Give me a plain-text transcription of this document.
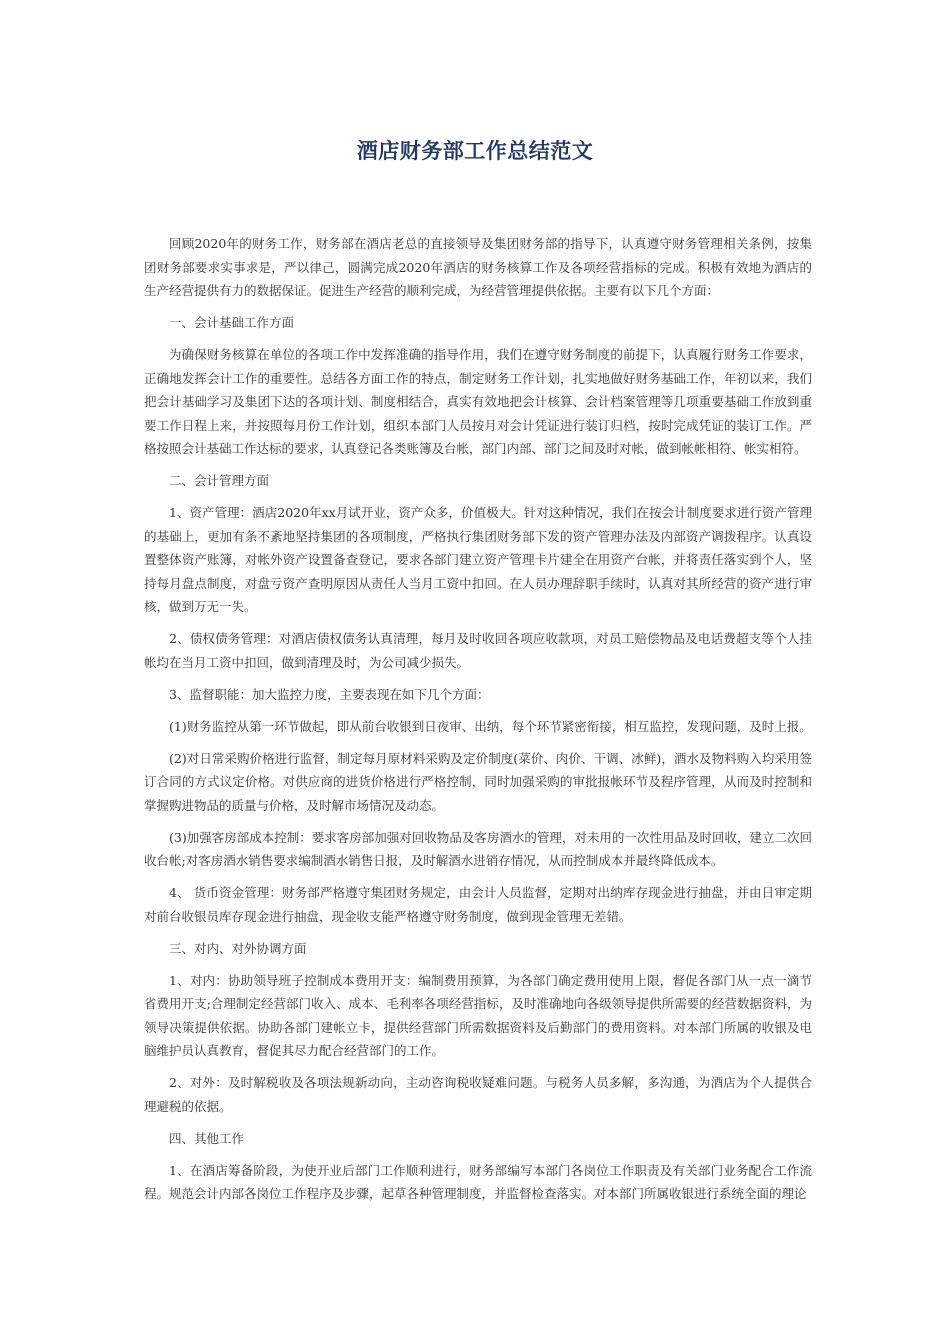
酒店财务部工作总结范文

回顾2020年的财务工作，财务部在酒店老总的直接领导及集团财务部的指导下，认真遵守财务管理相关条例，按集团财务部要求实事求是，严以律己，圆满完成2020年酒店的财务核算工作及各项经营指标的完成。积极有效地为酒店的生产经营提供有力的数据保证。促进生产经营的顺利完成，为经营管理提供依据。主要有以下几个方面：

一、会计基础工作方面

为确保财务核算在单位的各项工作中发挥准确的指导作用，我们在遵守财务制度的前提下，认真履行财务工作要求，正确地发挥会计工作的重要性。总结各方面工作的特点，制定财务工作计划，扎实地做好财务基础工作，年初以来，我们把会计基础学习及集团下达的各项计划、制度相结合，真实有效地把会计核算、会计档案管理等几项重要基础工作放到重要工作日程上来，并按照每月份工作计划，组织本部门人员按月对会计凭证进行装订归档，按时完成凭证的装订工作。严格按照会计基础工作达标的要求，认真登记各类账簿及台帐，部门内部、部门之间及时对帐，做到帐帐相符、帐实相符。

二、会计管理方面

1、资产管理：酒店2020年xx月试开业，资产众多，价值极大。针对这种情况，我们在按会计制度要求进行资产管理的基础上，更加有条不紊地坚持集团的各项制度，严格执行集团财务部下发的资产管理办法及内部资产调拨程序。认真设置整体资产账簿，对帐外资产设置备查登记，要求各部门建立资产管理卡片建全在用资产台帐，并将责任落实到个人，坚持每月盘点制度，对盘亏资产查明原因从责任人当月工资中扣回。在人员办理辞职手续时，认真对其所经营的资产进行审核，做到万无一失。

2、债权债务管理：对酒店债权债务认真清理，每月及时收回各项应收款项，对员工赔偿物品及电话费超支等个人挂帐均在当月工资中扣回，做到清理及时，为公司减少损失。

3、监督职能：加大监控力度，主要表现在如下几个方面：

(1)财务监控从第一环节做起，即从前台收银到日夜审、出纳，每个环节紧密衔接，相互监控，发现问题，及时上报。

(2)对日常采购价格进行监督，制定每月原材料采购及定价制度(菜价、肉价、干调、冰鲜)，酒水及物料购入均采用签订合同的方式议定价格。对供应商的进货价格进行严格控制，同时加强采购的审批报帐环节及程序管理，从而及时控制和掌握购进物品的质量与价格，及时解市场情况及动态。

(3)加强客房部成本控制：要求客房部加强对回收物品及客房酒水的管理，对未用的一次性用品及时回收，建立二次回收台帐;对客房酒水销售要求编制酒水销售日报，及时解酒水进销存情况，从而控制成本并最终降低成本。

4、 货币资金管理：财务部严格遵守集团财务规定，由会计人员监督，定期对出纳库存现金进行抽盘，并由日审定期对前台收银员库存现金进行抽盘，现金收支能严格遵守财务制度，做到现金管理无差错。

三、对内、对外协调方面

1、对内：协助领导班子控制成本费用开支：编制费用预算，为各部门确定费用使用上限，督促各部门从一点一滴节省费用开支;合理制定经营部门收入、成本、毛利率各项经营指标，及时准确地向各级领导提供所需要的经营数据资料，为领导决策提供依据。协助各部门建帐立卡，提供经营部门所需数据资料及后勤部门的费用资料。对本部门所属的收银及电脑维护员认真教育，督促其尽力配合经营部门的工作。

2、对外：及时解税收及各项法规新动向，主动咨询税收疑难问题。与税务人员多解，多沟通，为酒店为个人提供合理避税的依据。

四、其他工作

1、在酒店筹备阶段，为使开业后部门工作顺利进行，财务部编写本部门各岗位工作职责及有关部门业务配合工作流程。规范会计内部各岗位工作程序及步骤，起草各种管理制度，并监督检查落实。对本部门所属收银进行系统全面的理论
